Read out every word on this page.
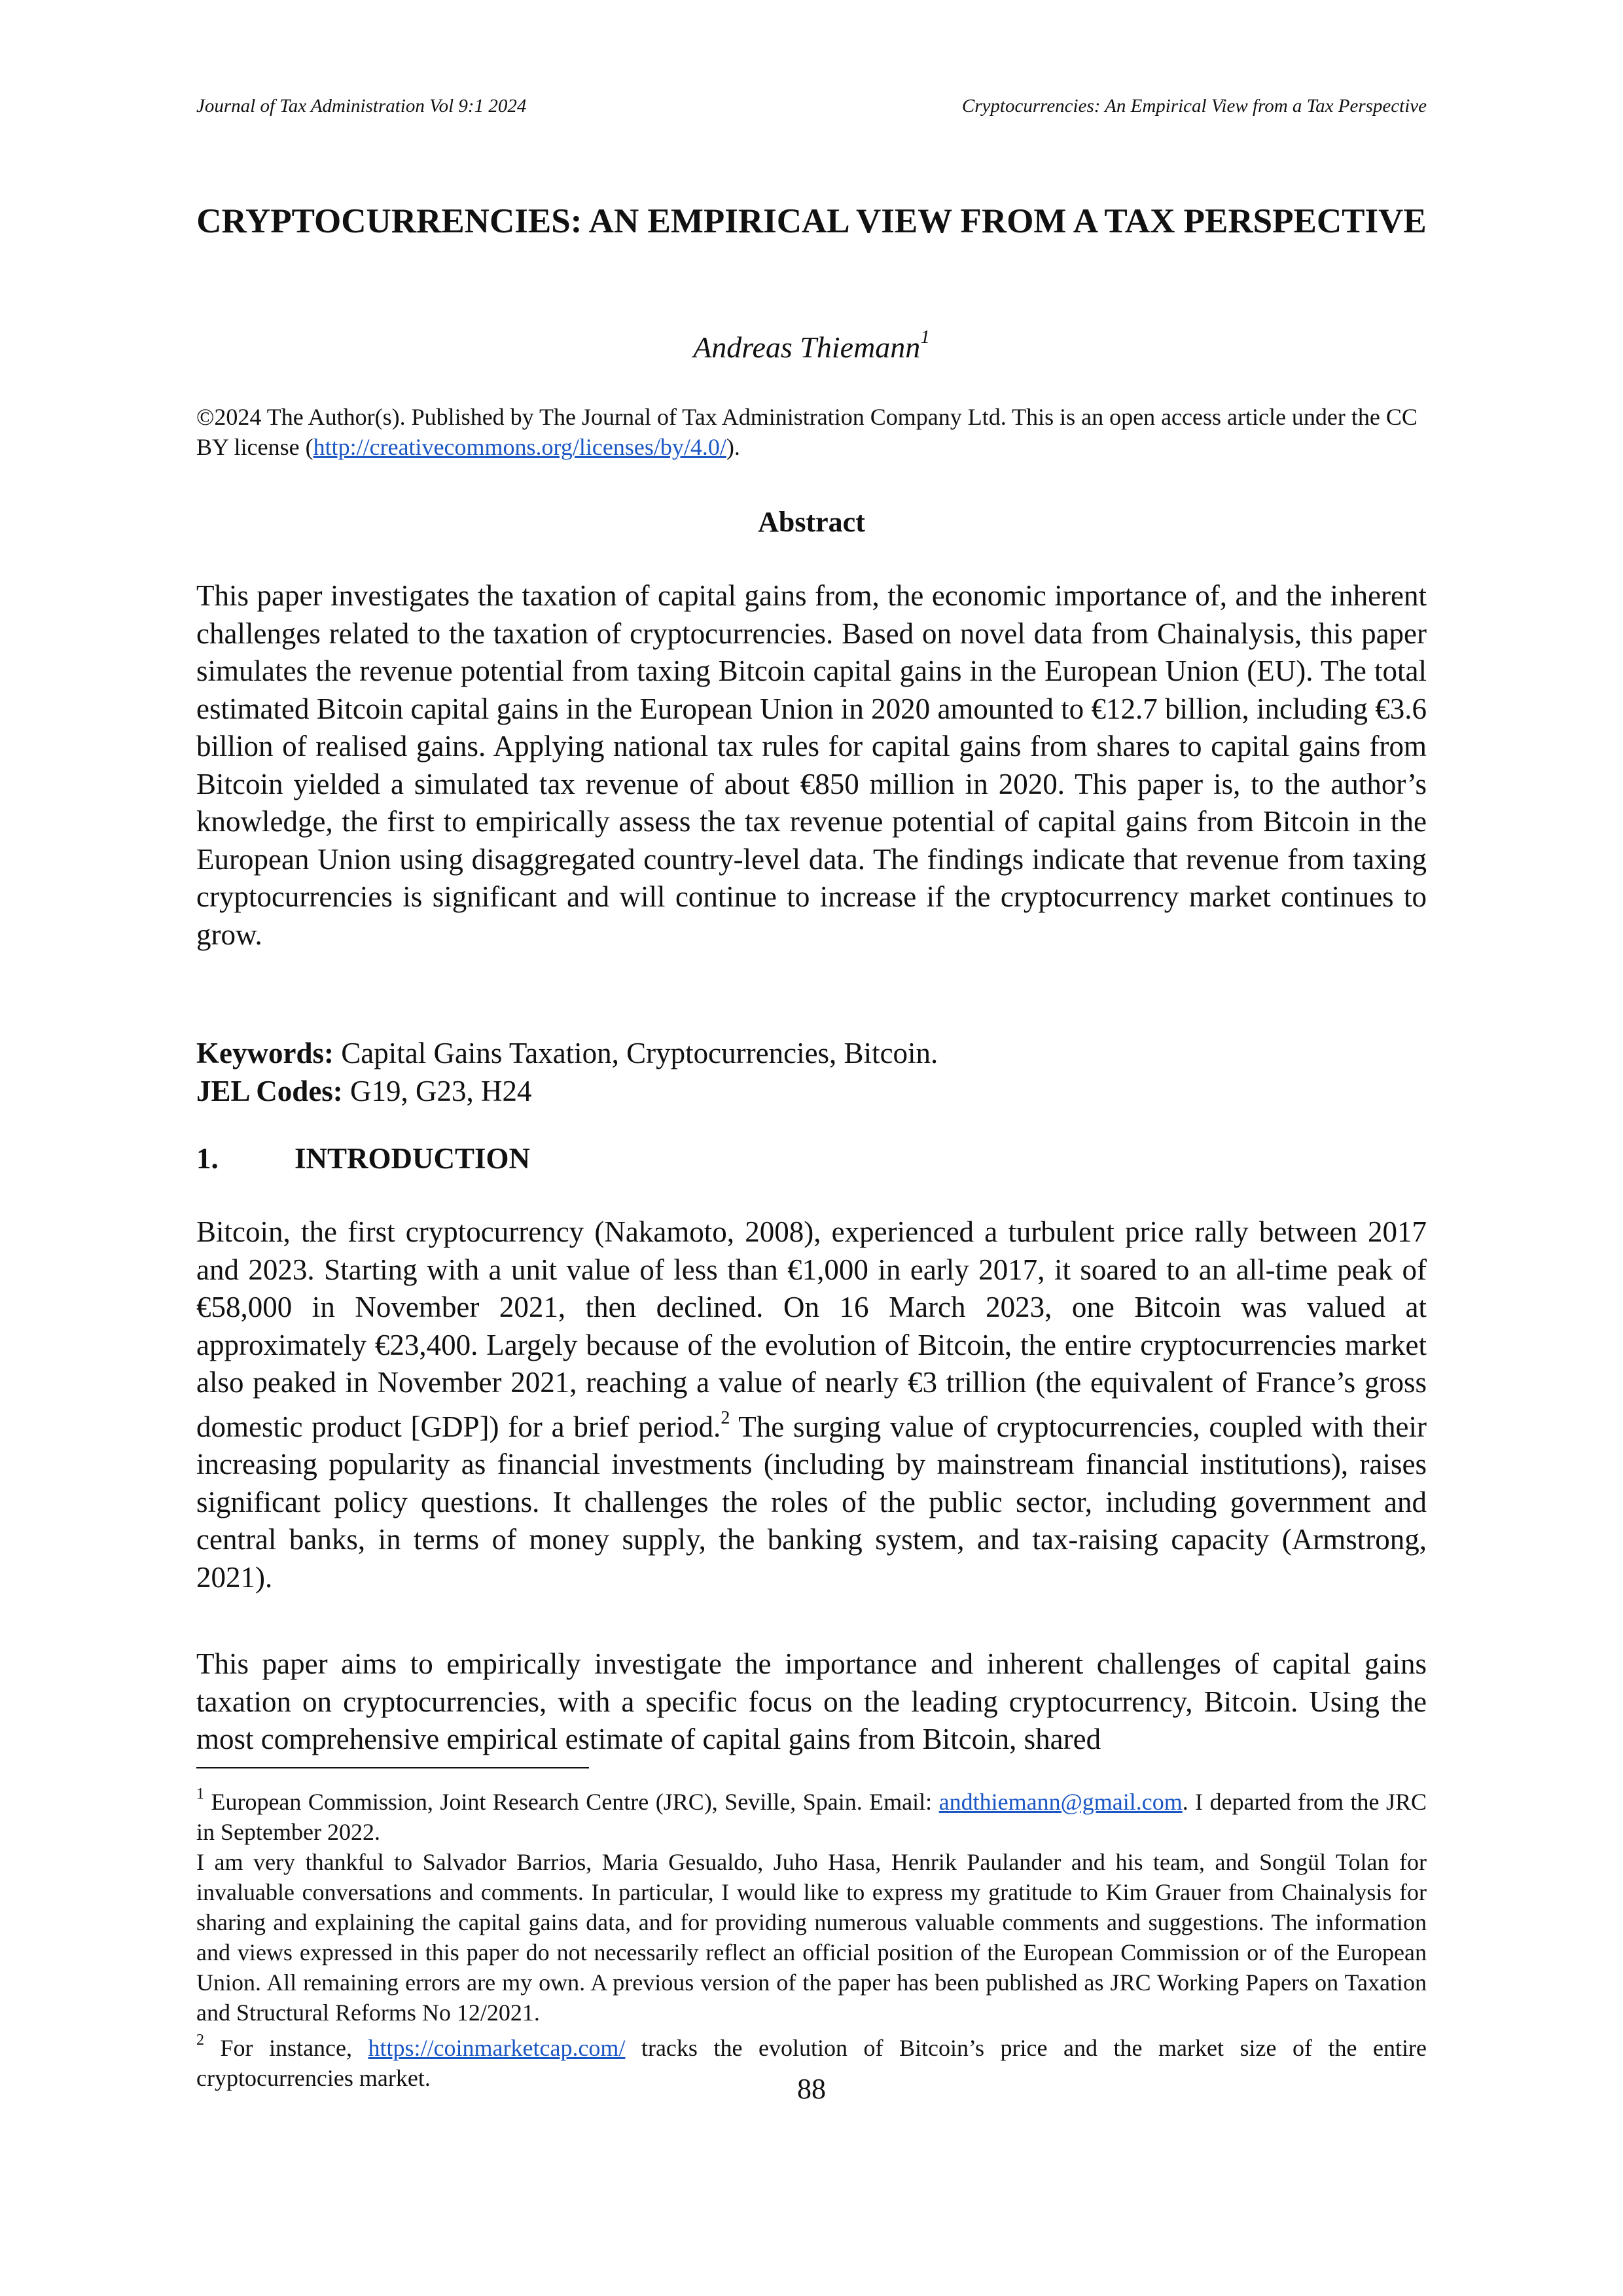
Journal of Tax Administration Vol 9:1 2024	Cryptocurrencies: An Empirical View from a Tax Perspective
CRYPTOCURRENCIES: AN EMPIRICAL VIEW FROM A TAX PERSPECTIVE
Andreas Thiemann$^1$
©2024 The Author(s). Published by The Journal of Tax Administration Company Ltd. This is an open access article under the CC BY license (http://creativecommons.org/licenses/by/4.0/).
Abstract

This paper investigates the taxation of capital gains from, the economic importance of, and the inherent challenges related to the taxation of cryptocurrencies. Based on novel data from Chainalysis, this paper simulates the revenue potential from taxing Bitcoin capital gains in the European Union (EU). The total estimated Bitcoin capital gains in the European Union in 2020 amounted to €12.7 billion, including €3.6 billion of realised gains. Applying national tax rules for capital gains from shares to capital gains from Bitcoin yielded a simulated tax revenue of about €850 million in 2020. This paper is, to the author’s knowledge, the first to empirically assess the tax revenue potential of capital gains from Bitcoin in the European Union using disaggregated country-level data. The findings indicate that revenue from taxing cryptocurrencies is significant and will continue to increase if the cryptocurrency market continues to grow.

Keywords: Capital Gains Taxation, Cryptocurrencies, Bitcoin.
JEL Codes: G19, G23, H24
1.	INTRODUCTION

Bitcoin, the first cryptocurrency (Nakamoto, 2008), experienced a turbulent price rally between 2017 and 2023. Starting with a unit value of less than €1,000 in early 2017, it soared to an all-time peak of €58,000 in November 2021, then declined. On 16 March 2023, one Bitcoin was valued at approximately €23,400. Largely because of the evolution of Bitcoin, the entire cryptocurrencies market also peaked in November 2021, reaching a value of nearly €3 trillion (the equivalent of France’s gross domestic product [GDP]) for a brief period.$^2$ The surging value of cryptocurrencies, coupled with their increasing popularity as financial investments (including by mainstream financial institutions), raises significant policy questions. It challenges the roles of the public sector, including government and central banks, in terms of money supply, the banking system, and tax-raising capacity (Armstrong, 2021).

This paper aims to empirically investigate the importance and inherent challenges of capital gains taxation on cryptocurrencies, with a specific focus on the leading cryptocurrency, Bitcoin. Using the most comprehensive empirical estimate of capital gains from Bitcoin, shared

$^1$ European Commission, Joint Research Centre (JRC), Seville, Spain. Email: andthiemann@gmail.com. I departed from the JRC in September 2022.
I am very thankful to Salvador Barrios, Maria Gesualdo, Juho Hasa, Henrik Paulander and his team, and Songül Tolan for invaluable conversations and comments. In particular, I would like to express my gratitude to Kim Grauer from Chainalysis for sharing and explaining the capital gains data, and for providing numerous valuable comments and suggestions. The information and views expressed in this paper do not necessarily reflect an official position of the European Commission or of the European Union. All remaining errors are my own. A previous version of the paper has been published as JRC Working Papers on Taxation and Structural Reforms No 12/2021.
$^2$ For instance, https://coinmarketcap.com/ tracks the evolution of Bitcoin’s price and the market size of the entire cryptocurrencies market.	88
